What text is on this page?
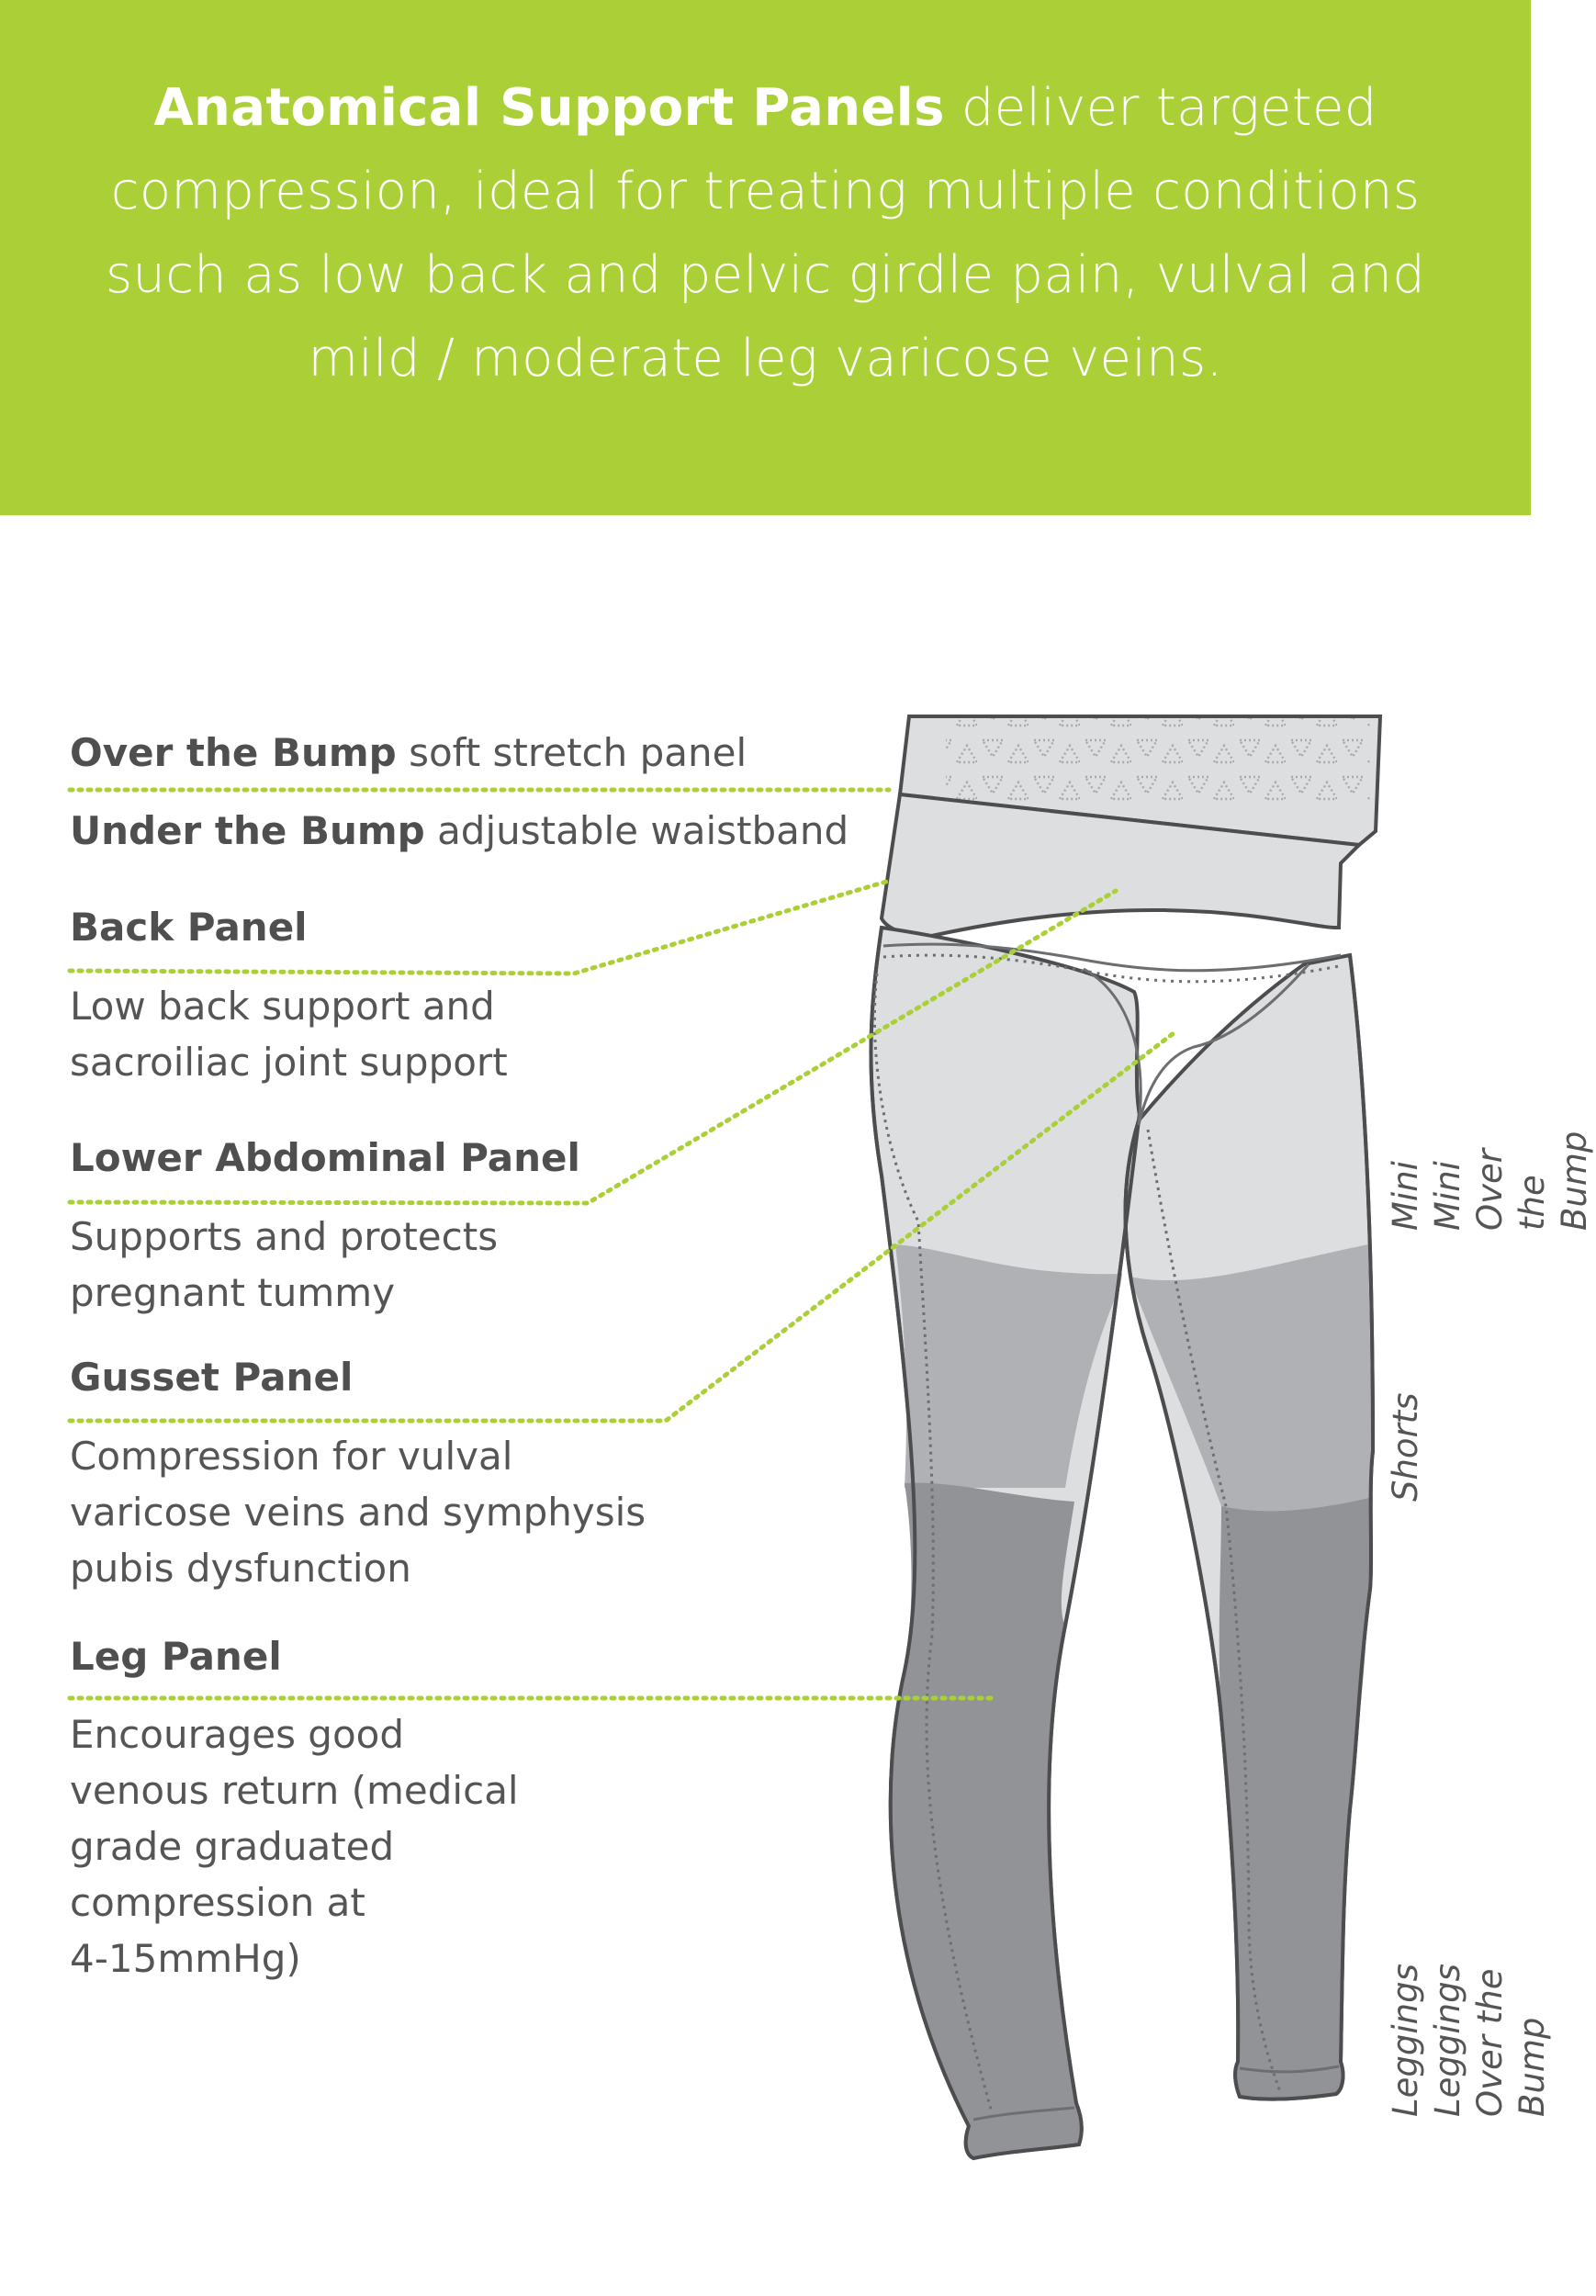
Anatomical Support Panels deliver targeted compression, ideal for treating multiple conditions such as low back and pelvic girdle pain, vulval and mild / moderate leg varicose veins.

Over the Bump soft stretch panel
Under the Bump adjustable waistband
Back Panel
Low back support and
sacroiliac joint support
Lower Abdominal Panel
Supports and protects
pregnant tummy
Gusset Panel
Compression for vulval
varicose veins and symphysis
pubis dysfunction
Leg Panel
Encourages good
venous return (medical
grade graduated
compression at
4-15mmHg)
Mini
Mini Over the Bump
Shorts
Leggings
Leggings Over the Bump
